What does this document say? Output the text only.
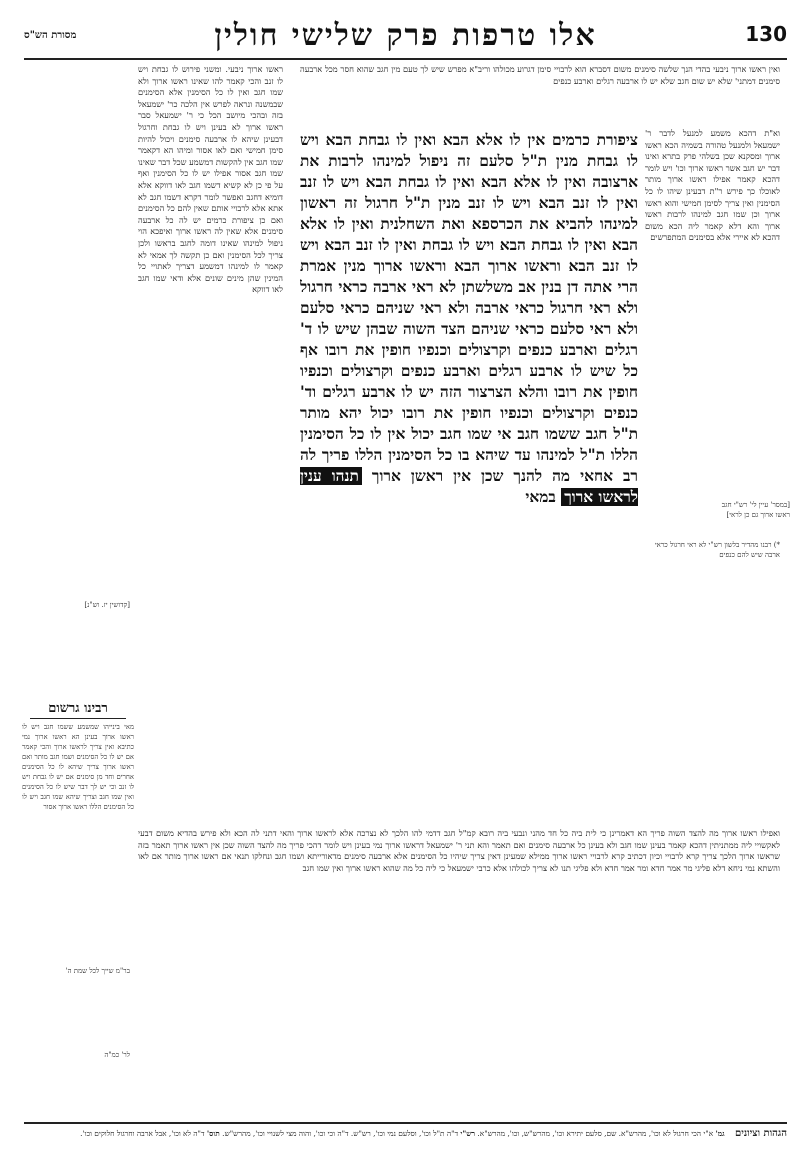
130
אלו טרפות פרק שלישי חולין
מסורת הש"ס
ואין ראשו ארוך ניבעי בהדי הנך שלשה סימנים משום דסברא הוא לרבויי סימן דגרוע מכולהו וריב"א מפרש שיש לך טעם מין חגב שהוא חסר מכל ארבעה סימנים דמתני' שלא יש שום חגב שלא יש לו ארבעה רגלים וארבע כנפים
וא"ת דהכא משמע למנעל לדבר ר' ישמעאל ולמנעל טהורה בשמיה הכא ראשו ארוך ומסקנא שכן בשלהי פרק בתרא ואינו דבר יש חגב אשר ראשו ארוך וכו' ויש לומר דהכא קאמר אפילו ראשו ארוך מותר לאוכלו כך פירש ר"ת דבעינן שיהו לו כל הסימנין ואין צריך לסימן חמישי והוא ראשו ארוך וכן שמו חגב למינהו לרבות ראשו ארוך והא דלא קאמר ליה הכא משום דהכא לא איירי אלא בסימנים המתפרשים
[במסר' עיין לי' רש"י חגב ראשו ארוך גם כן לראי]
*) רבנו מהדיר בלשון רש"י לא ראי חרגול כראי ארבה שיש להם כנפים
ראשו ארוך ניבעי. ומשני פירוש לו גבחת ויש לו זנב והכי קאמר להו שאינו ראשו ארוך ולא שמו חגב ואין לו כל הסימנין אלא הסימנים שבמשנה ונראה לפרש אין הלכה כר' ישמעאל בזה ובהכי מיושב הכל כי ר' ישמעאל סבר ראשו ארוך לא בעינן ויש לו גבחת וחרגול דבעינן שיהא לו ארבעה סימנים ויכול להיות סימן חמישי ואם לאו אסור ומיהו הא דקאמר שמו חגב אין להקשות דמשמע שכל דבר שאינו שמו חגב אסור אפילו יש לו כל הסימנין ואף על פי כן לא קשיא דשמו חגב לאו דווקא אלא דומיא דחגב ואפשר לומר דקרא דשמו חגב לא אתא אלא לרבויי אותם שאין להם כל הסימנים ואם כן ציפורת כרמים יש לה כל ארבעה סימנים אלא שאין לה ראשו ארוך ואיפכא הוי ניפול למינהו שאינו דומה לחגב בראשו ולכן צריך לכל הסימנין ואם כן תקשה לך אמאי לא קאמר לו למינהו דמשמע דצריך לאתויי כל המינין שהן מינים שונים אלא ודאי שמו חגב לאו דווקא
ציפורת כרמים אין לו אלא הבא ואין לו גבחת הבא ויש לו גבחת מנין ת"ל סלעם זה ניפול למינהו לרבות את ארצובה ואין לו אלא הבא ואין לו גבחת הבא ויש לו זנב ואין לו זנב הבא ויש לו זנב מנין ת"ל חרגול זה ראשון למינהו להביא את הכרספא ואת השחלנית ואין לו אלא הבא ואין לו גבחת הבא ויש לו גבחת ואין לו זנב הבא ויש לו זנב הבא וראשו ארוך הבא וראשו ארוך מנין אמרת הרי אתה דן בנין אב משלשתן לא ראי ארבה כראי חרגול ולא ראי חרגול כראי ארבה ולא ראי שניהם כראי סלעם ולא ראי סלעם כראי שניהם הצד השוה שבהן שיש לו ד' רגלים וארבע כנפים וקרצולים וכנפיו חופין את רובו אף כל שיש לו ארבע רגלים וארבע כנפים וקרצולים וכנפיו חופין את רובו והלא הצרצור הזה יש לו ארבע רגלים וד' כנפים וקרצולים וכנפיו חופין את רובו יכול יהא מותר ת"ל חגב ששמו חגב אי שמו חגב יכול אין לו כל הסימנין הללו ת"ל למינהו עד שיהא בו כל הסימנין הללו פריך לה רב אחאי מה להנך שכן אין ראשן ארוך תנהו ענין לראשו ארוך במאי
ואפילו ראשו ארוך מה להצד השוה פריך הא דאמרינן כי לית ביה כל חד מהני ונבעי ביה רובא קמ"ל חגב דדמי להו הלכך לא נצרכה אלא לראשו ארוך והאי דתני לה הכא ולא פירש בהדיא משום דבעי לאקשויי ליה ממתניתין דהכא קאמר בעינן שמו חגב ולא בעינן כל ארבעה סימנים ואם תאמר והא תני ר' ישמעאל דראשו ארוך נמי בעינן ויש לומר דהכי פריך מה להצד השוה שכן אין ראשו ארוך תאמר בזה שראשו ארוך הלכך צריך קרא לרבויי וכיון דכתיב קרא לרבויי ראשו ארוך ממילא שמעינן דאין צריך שיהיו כל הסימנים אלא ארבעה סימנים מדאורייתא ושמו חגב ונחלקו תנאי אם ראשו ארוך מותר אם לאו והשתא נמי ניחא דלא פליגי מר אמר חדא ומר אמר חדא ולא פליגי תנו לא צריך לכולהו אלא כרבי ישמעאל כי ליה כל מה שהוא ראשו ארוך ואין שמו חגב
[קדושין יז. וש"נ]
רבינו גרשום
מאי בינייהו שמשמע ששמו חגב ויש לו ראשו ארוך בעינן הא ראשו ארוך נמי כתיבא ואין צריך לראשו ארוך והכי קאמר אם יש לו כל הסימנים ושמו חגב מותר ואם ראשו ארוך צריך שיהא לו כל הסימנים אחרים וחד מן סימנים אם יש לו גבחת ויש לו זנב וכי יש לך דבר שיש לו כל הסימנים ואין שמו חגב וצריך שיהא שמו חגב ויש לו כל הסימנים הללו ראשו ארוך אסור
בר"מ שייך לכל שמת ה'
לר' כמ"ה
הגהות וציונים גמ' א"י הכי חרגול לא וכו', מהרש"א. שם, סלעם יתירא וכו', מהרש"ש, וכו', מהרש"א. רש"י ד"ה ת"ל וכו', וסלעם נמי וכו', רש"ש. ד"ה וכי וכו', והוה מצי לשנויי וכו', מהרש"ש. תוס' ד"ה לא וכו', אבל ארבה וחרגול חלוקים וכו'.
